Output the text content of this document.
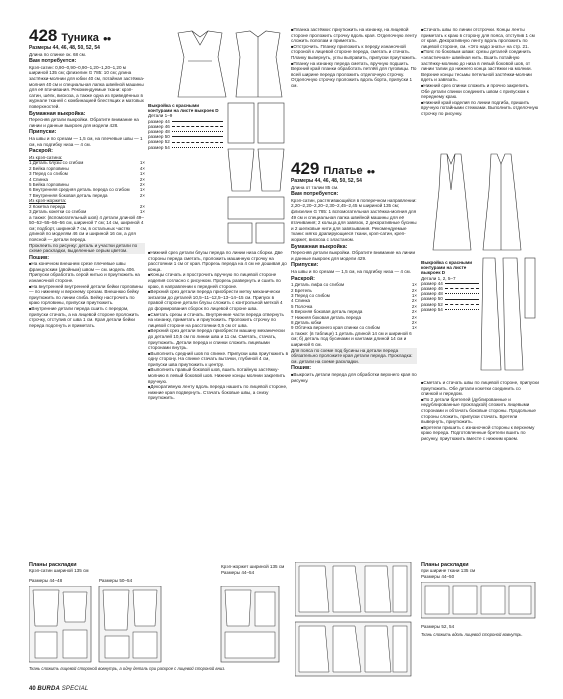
428 Туника ●●
Размеры 44, 46, 48, 50, 52, 54

Длина по спинке ок. 68 см.

Вам потребуется:

Крэп-сатин: 0,90–0,90–0,90–1,20–1,20–1,20 м шириной 135 см; флизелин G 785: 10 см; длина застёжки-молнии для юбки 40 см, потайная застёжка-молния 40 см и специальная лапка швейной машины для её втачивания. Рекомендуемые ткани: крэп-сатин, шёлк, вискоза, а также одна из приведённых в журнале тканей с комбинацией блестящих и матовых поверхностей.

Бумажная выкройка:

Пересняв детали выкройки. Обратите внимание на линии и данные выкроек для модели 428.

Припуски:

На швы и по срезам — 1,5 см, на плечевые швы — 1 см, на подгибку низа — 4 см.

Раскрой:

Из крэп-сатина:

1 Деталь блузы со сгибом	1×
2 Бейка горловины	4×
3 Перед со сгибом	1×
4 Спинка	2×
5 Бейка горловины	2×
6 Внутренняя средняя деталь переда со сгибом 1×
7 Внутренняя боковая деталь переда	2×

Из крэп-жоржета:

2 Кокетка переда	2×
3 Деталь кокетки со сгибом	1×

а также: (вспомогательный шов) 4 детали длиной 49–50–52–55–56–56 см, шириной 7 см; 14 см, шириной 4 см; подборт, шириной 7 см, в остальных частях длиной по моделям 46 см и шириной 16 см, а для поясной — детали переда.

Проклеить по рисунку: деталь и участки детали по схеме раскладки, выделенные серым цветом.

Пошив:

■ На конечном внешнем срезе плечевые швы французским (двойным) швом — см. модель 406. Припуски обработать серой нитью и приутюжить на изнаночной стороне.

■ На внутренней внутренней детали бейки горловины — по нижнему и верхнему срезам. Внешнюю бейку приутюжить по линии сгиба. Бейку настрочить по краю горловины, припуски приутюжить.

■ Внутренние детали переда сшить с передом, припуски стачать, а на лицевой стороне проложить строчку, отступив от шва 1 см. Края детали бейки переда подогнуть и приметать.

Выкройка с красными контурами на листе выкроек D
Детали 1–9
размер 44
размер 46
размер 48
размер 50
размер 52
размер 54

■ Нижний срез детали блузы переда по линии низа сборки. Две стороны переда сметать, проложить машинную строчку на расстоянии 1 см от края. Прорезь переда на 4 см не дошивая до конца.

■ Концы стачать и прострочить вручную по лицевой стороне изделия согласно с рисунком. Прорезь развернуть и сшить по краю, в направлении к передней стороне.

■ Верхний срез детали переда приобрести метку механически зигзагом до деталей 10,5–11–12,5–13–14–15 см. Припуск в правой стороне детали блузы сложить с контрольной меткой 4 до формирования сборок по лицевой стороне шва.

■ Сметать срезы и стачать. Внутренние части переда отвернуть на изнанку, приметать и приутюжить. Проложить строчку по лицевой стороне на расстоянии 0,5 см от шва.

■ Верхний срез детали переда приобрести машину механически до деталей 10,5 см по линии шва и 11 см. Сметать, стачать, приутюжить. Детали переда и спинки сложить лицевыми сторонами внутрь.

■ Выполнить средний шов по спинке. Припуски шва приутюжить в одну сторону. На спинке стачать вытачки, глубиной 4 см, припуски шва приутюжить к центру.

■ Выполнить правый боковой шов, вшить потайную застёжку-молнию в левый боковой шов. Нижние концы молнии закрепить вручную.

■ Декоративную ленту вдоль переда нашить по лицевой стороне, нижние края подвернуть. Стачать боковые швы, а снизу приутюжить.

■ Планка застёжки: приутюжить на изнанку, на лицевой стороне проложить строчку вдоль края. Отделочную ленту сложить пополам и приметать.

■ Отстрочить. Планку приложить к переду изнаночной стороной к лицевой стороне переда, сметать и стачать. Планку вывернуть, углы выправить, припуски приутюжить.

■ Планку на изнанку переда сметать, вручную подшить. Верхний край планки обработать петлёй для пуговицы. По всей ширине переда проложить отделочную строчку. Отделочную строчку проложить вдоль борта, припуски 1 см.

429 Платье ●●
Размеры 44, 46, 48, 50, 52, 54

Длина от талии 85 см.

Вам потребуется:

Крэп-сатин, растягивающийся в поперечном направлении: 2,20–2,20–2,20–2,30–2,45–2,45 м шириной 135 см; флизелин G 785: 1 вспомогательная застёжка-молния для 49 см и специальная лапка швейной машины для её втачивания; 2 кольца для завязок, 2 декоративные бусины и 2 шелковые нити для завязывания. Рекомендуемые ткани: мягко драпирующиеся ткани, крэп-сатин, креп-жоржет, вискоза с эластаном.

Бумажная выкройка:

Пересняв детали выкройки. Обратите внимание на линии и данные выкроек для модели 429.

Припуски:

На швы и по срезам — 1,5 см, на подгибку низа — 4 см.

Раскрой:
1 Деталь лифа со сгибом	1×
2 Бретель	2×
3 Перед со сгибом	1×
4 Спинка	2×
5 Полочка	2×
6 Верхняя боковая деталь переда	2×
7 Нижняя боковая деталь переда	2×
8 Деталь юбки	2×
9 Обтачка верхнего края спинки со сгибом	1×

а также: (в таблице) 1 деталь длиной 14 см и шириной 6 см; б) деталь под бусинами и кантами длиной 14 см и шириной 6 см.

Для пояса по схеме под бусины на детали переда обязательно проложите края детали переда. Прокладка: см. детали на схеме раскладки.

Пошив:

■ Выкроить детали переда для обработки верхнего края по рисунку.

■ Стачать швы по линии отстрочки. Концы ленты приметать к краю в сторону для пояса, отступив 1 см от края. Декоративную ленту вдоль проложить по лицевой стороне, см. «Это надо знать» на стр. 21.

■ Пояс по боковым швам: срезы деталей соединить «эластичная» швейная нить. Вшить потайную застёжку-молнию до низа в левый боковой шов, от линии талии до нижнего конца застёжки на молнии. Верхние концы тесьмы петельной застёжки-молнии вдеть и завязать.

■ Нижний срез спинки сложить и прочно закрепить. Обе детали спинки соединить швом с припуском к переднему краю.

■ Нижний край изделия по линии подгиба, пришить вручную потайными стежками. Выполнить отделочную строчку по рисунку.

Выкройка с красными контурами на листе выкроек D
Детали 1, 2, 5–7
размер 44
размер 46
размер 48
размер 50
размер 52
размер 54

■ Сметать и стачать швы по лицевой стороне, припуски приутюжить. Обе детали кокетки соединить со спинкой и передом.

■ По 2 детали бретелей (дублированные и недублированные прокладкой) сложить лицевыми сторонами и обтачать боковые стороны. Продольные стороны сложить, припуски стачать. Бретели вывернуть, приутюжить.

■ Бретели пришить с изнаночной стороны к верхнему краю переда. Подготовленные бретели вшить по рисунку, приутюжить вместе с нижним краем.

Планы раскладки
Крэп-сатин шириной 135 см
Размеры 44–48	Размеры 50–54
Крэп-жоржет шириной 135 см
Размеры 44–54
Ткань сложить лицевой стороной вовнутрь, а одну деталь при раскрое с лицевой стороной вниз.
Планы раскладки
при ширине ткани 135 см
Размеры 44–50
Размеры 52, 54
Ткань сложить вдоль лицевой стороной вовнутрь.
40 BURDA SPECIAL
